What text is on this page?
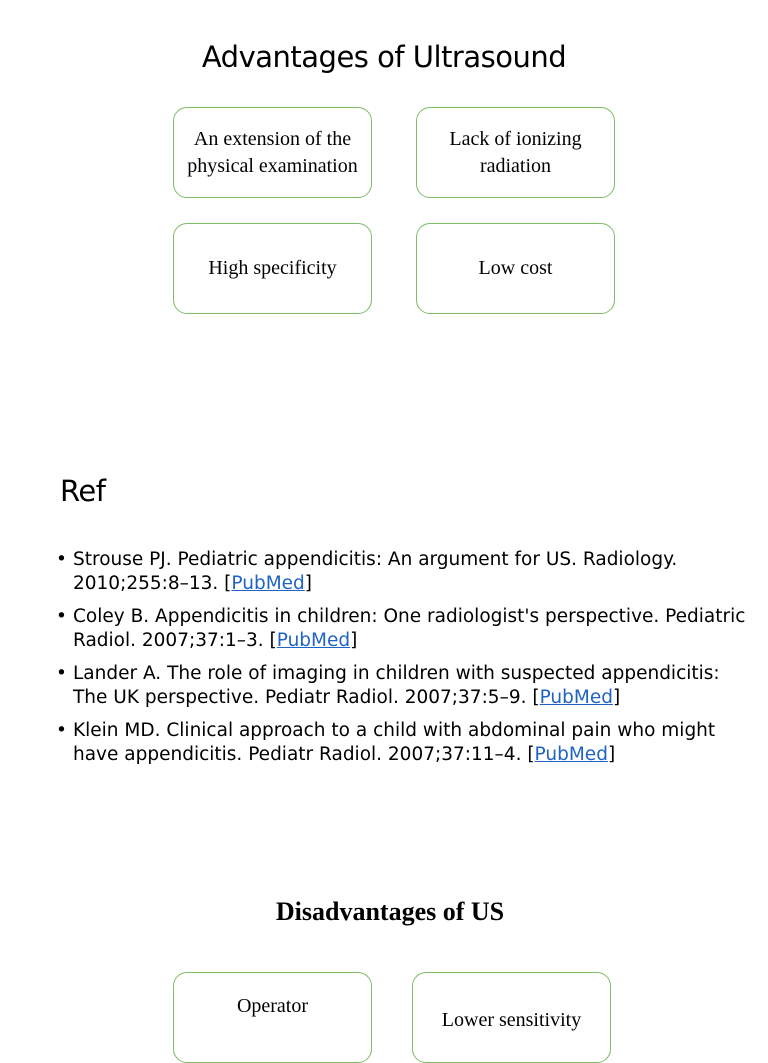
Advantages of Ultrasound
An extension of the physical examination
Lack of ionizing radiation
High specificity	Low cost
Ref
• Strouse PJ. Pediatric appendicitis: An argument for US. Radiology. 2010;255:8–13. [PubMed]
• Coley B. Appendicitis in children: One radiologist's perspective. Pediatric Radiol. 2007;37:1–3. [PubMed]
• Lander A. The role of imaging in children with suspected appendicitis: The UK perspective. Pediatr Radiol. 2007;37:5–9. [PubMed]
• Klein MD. Clinical approach to a child with abdominal pain who might have appendicitis. Pediatr Radiol. 2007;37:11–4. [PubMed]
Disadvantages of US
Operator
Lower sensitivity
